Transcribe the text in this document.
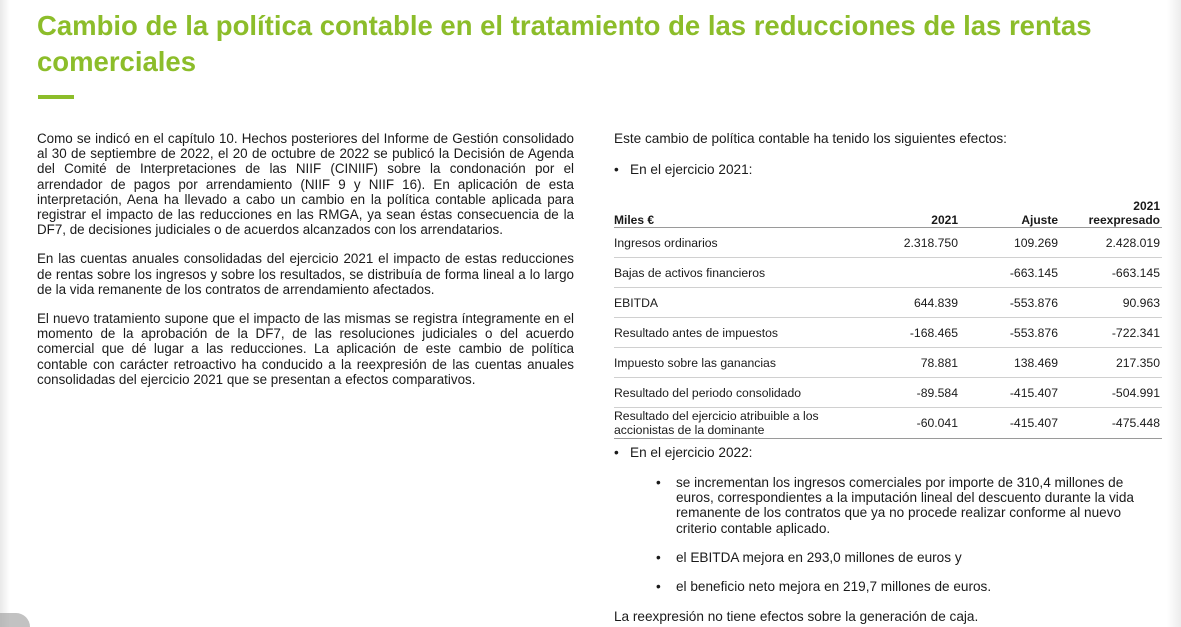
Cambio de la política contable en el tratamiento de las reducciones de las rentas comerciales

Como se indicó en el capítulo 10. Hechos posteriores del Informe de Gestión consolidado al 30 de septiembre de 2022, el 20 de octubre de 2022 se publicó la Decisión de Agenda del Comité de Interpretaciones de las NIIF (CINIIF) sobre la condonación por el arrendador de pagos por arrendamiento (NIIF 9 y NIIF 16). En aplicación de esta interpretación, Aena ha llevado a cabo un cambio en la política contable aplicada para registrar el impacto de las reducciones en las RMGA, ya sean éstas consecuencia de la DF7, de decisiones judiciales o de acuerdos alcanzados con los arrendatarios.

En las cuentas anuales consolidadas del ejercicio 2021 el impacto de estas reducciones de rentas sobre los ingresos y sobre los resultados, se distribuía de forma lineal a lo largo de la vida remanente de los contratos de arrendamiento afectados.

El nuevo tratamiento supone que el impacto de las mismas se registra íntegramente en el momento de la aprobación de la DF7, de las resoluciones judiciales o del acuerdo comercial que dé lugar a las reducciones. La aplicación de este cambio de política contable con carácter retroactivo ha conducido a la reexpresión de las cuentas anuales consolidadas del ejercicio 2021 que se presentan a efectos comparativos.

Este cambio de política contable ha tenido los siguientes efectos:
• En el ejercicio 2021:
Miles €	2021	Ajuste	2021
reexpresado
Ingresos ordinarios	2.318.750	109.269	2.428.019
Bajas de activos financieros		-663.145	-663.145
EBITDA	644.839	-553.876	90.963
Resultado antes de impuestos	-168.465	-553.876	-722.341
Impuesto sobre las ganancias	78.881	138.469	217.350
Resultado del periodo consolidado	-89.584	-415.407	-504.991
Resultado del ejercicio atribuible a los
accionistas de la dominante	-60.041	-415.407	-475.448
• En el ejercicio 2022:
• se incrementan los ingresos comerciales por importe de 310,4 millones de euros, correspondientes a la imputación lineal del descuento durante la vida remanente de los contratos que ya no procede realizar conforme al nuevo criterio contable aplicado.
• el EBITDA mejora en 293,0 millones de euros y
• el beneficio neto mejora en 219,7 millones de euros.
La reexpresión no tiene efectos sobre la generación de caja.
